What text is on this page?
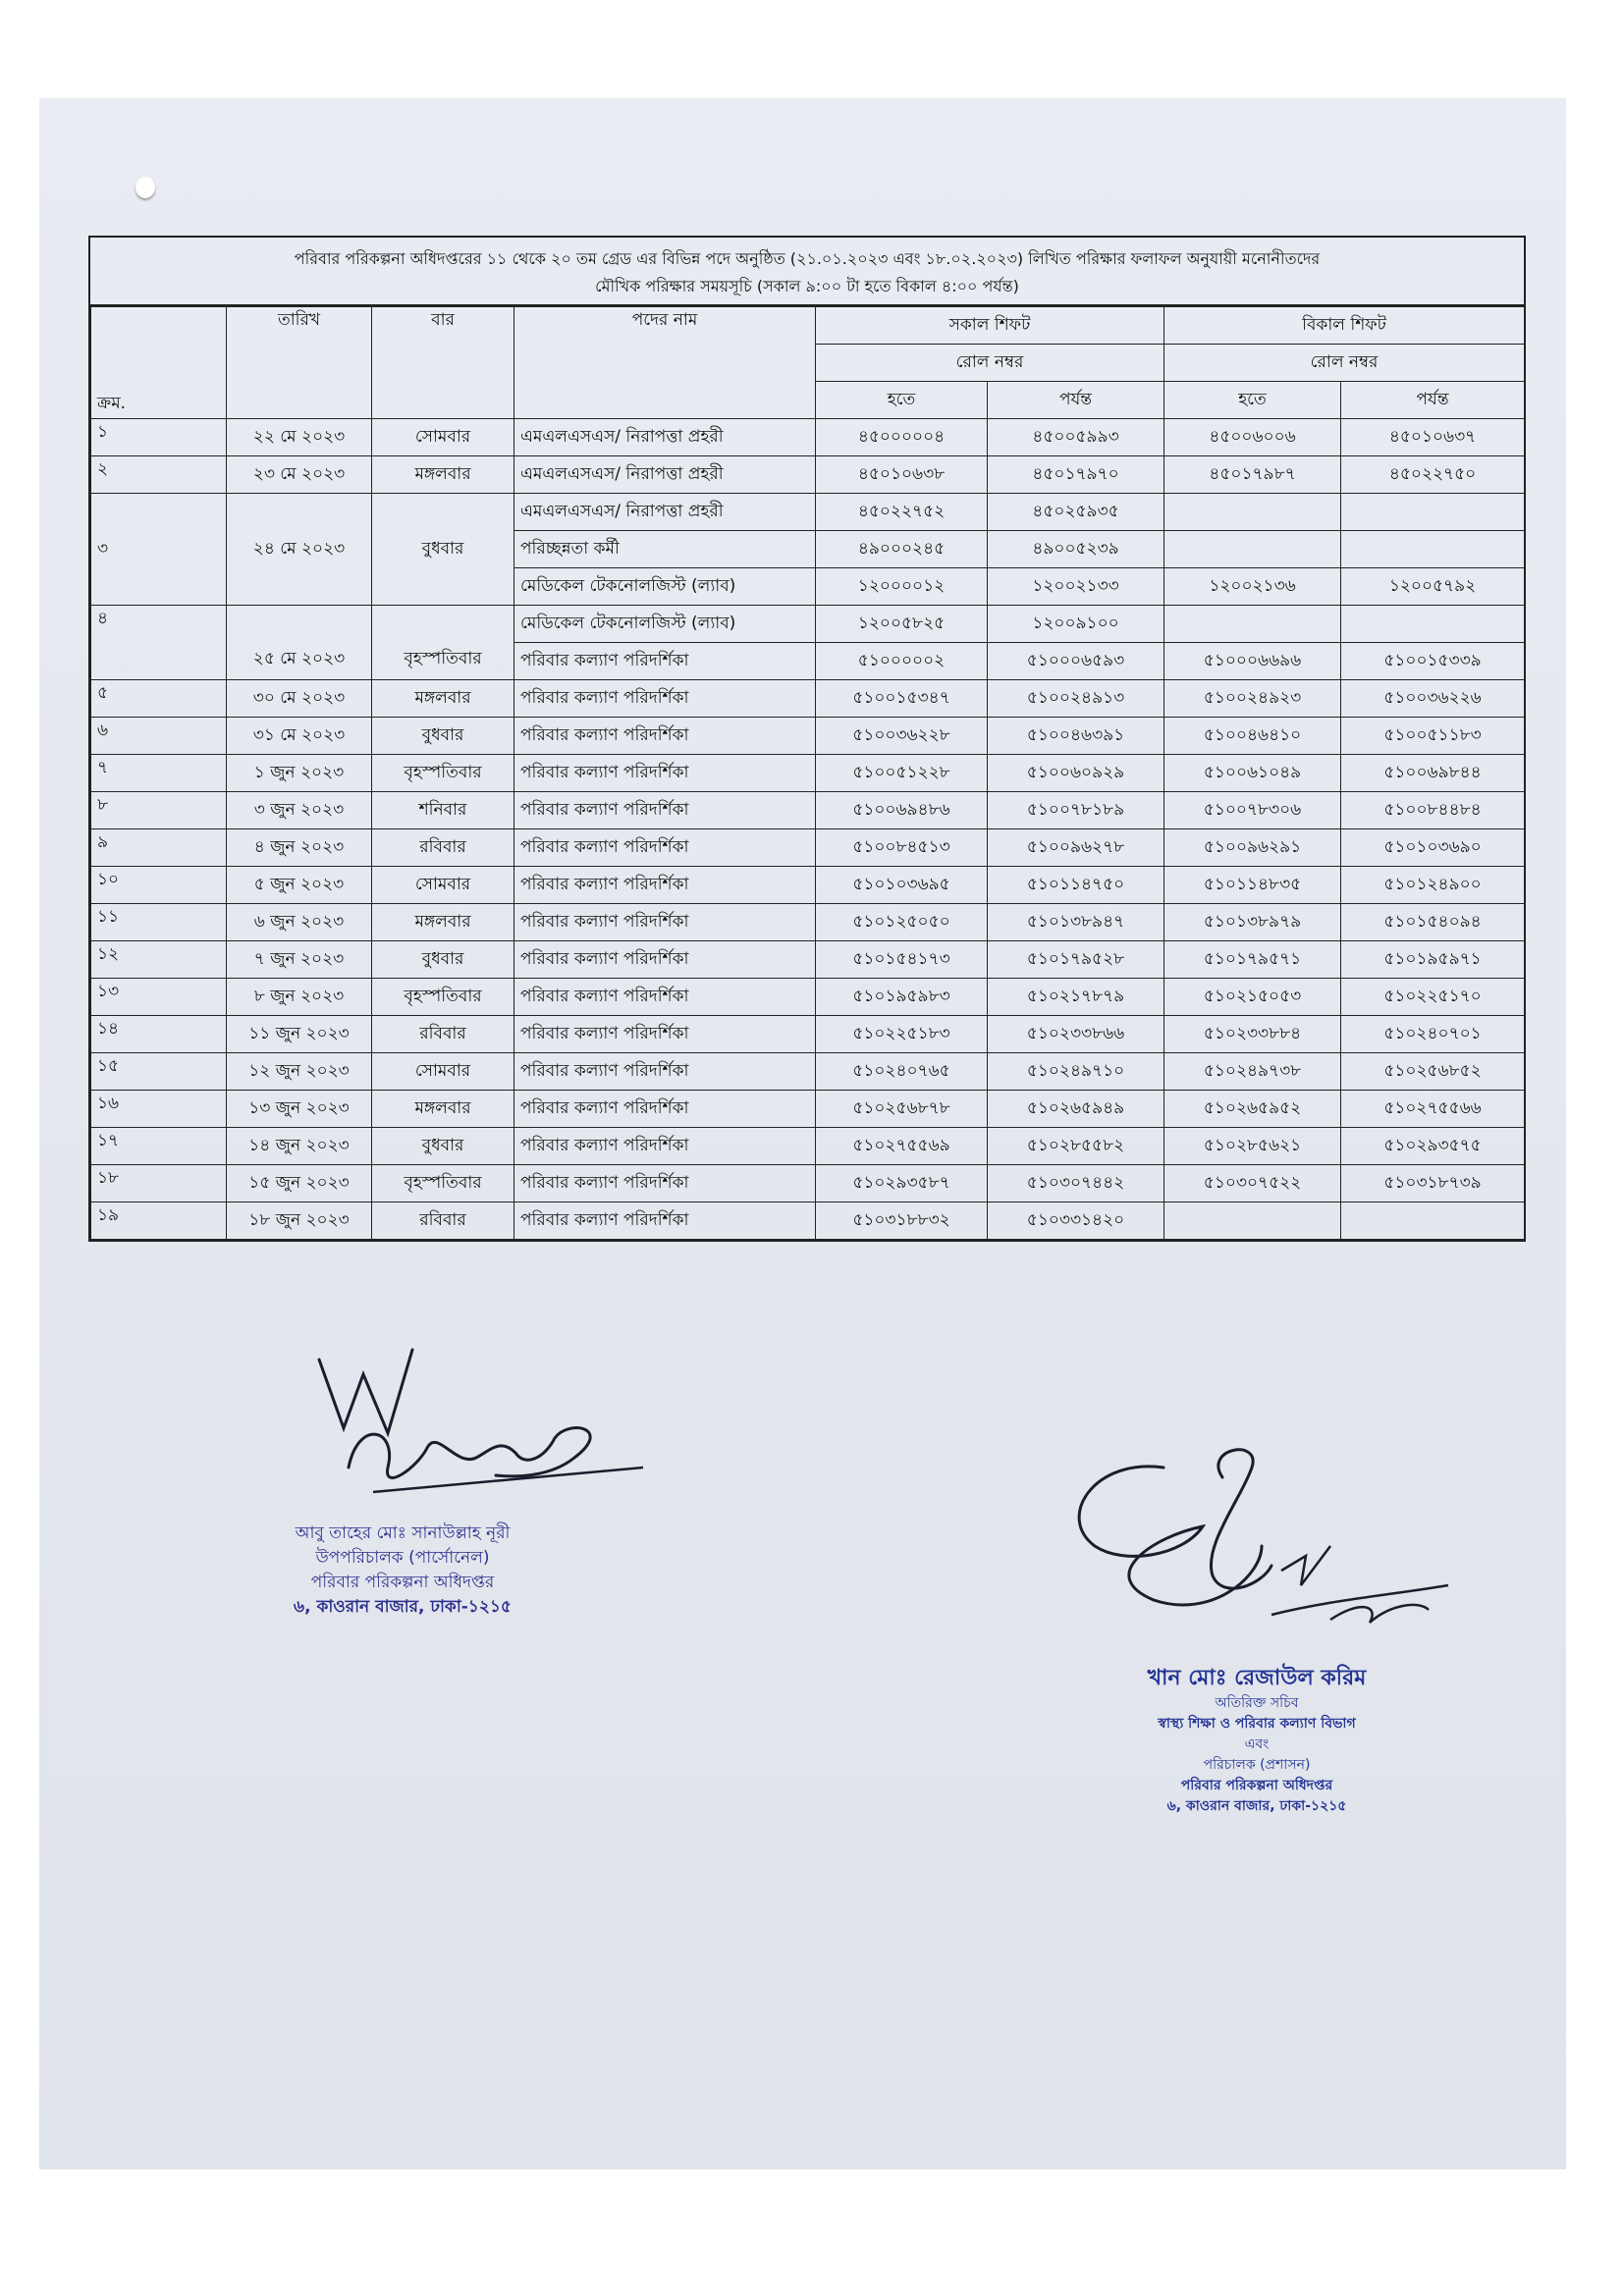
পরিবার পরিকল্পনা অধিদপ্তরের ১১ থেকে ২০ তম গ্রেড এর বিভিন্ন পদে অনুষ্ঠিত (২১.০১.২০২৩ এবং ১৮.০২.২০২৩) লিখিত পরিক্ষার ফলাফল অনুযায়ী মনোনীতদের
মৌখিক পরিক্ষার সময়সূচি (সকাল ৯:০০ টা হতে বিকাল ৪:০০ পর্যন্ত)
ক্রম.	তারিখ	বার	পদের নাম	সকাল শিফট		বিকাল শিফট	
				রোল নম্বর		রোল নম্বর	
				হতে	পর্যন্ত	হতে	পর্যন্ত
১	২২ মে ২০২৩	সোমবার	এমএলএসএস/ নিরাপত্তা প্রহরী	৪৫০০০০০৪	৪৫০০৫৯৯৩	৪৫০০৬০০৬	৪৫০১০৬৩৭
২	২৩ মে ২০২৩	মঙ্গলবার	এমএলএসএস/ নিরাপত্তা প্রহরী	৪৫০১০৬৩৮	৪৫০১৭৯৭০	৪৫০১৭৯৮৭	৪৫০২২৭৫০
৩	২৪ মে ২০২৩	বুধবার	এমএলএসএস/ নিরাপত্তা প্রহরী	৪৫০২২৭৫২	৪৫০২৫৯৩৫		
			পরিচ্ছন্নতা কর্মী	৪৯০০০২৪৫	৪৯০০৫২৩৯		
			মেডিকেল টেকনোলজিস্ট (ল্যাব)	১২০০০০১২	১২০০২১৩৩	১২০০২১৩৬	১২০০৫৭৯২
৪	২৫ মে ২০২৩	বৃহস্পতিবার	মেডিকেল টেকনোলজিস্ট (ল্যাব)	১২০০৫৮২৫	১২০০৯১০০		
			পরিবার কল্যাণ পরিদর্শিকা	৫১০০০০০২	৫১০০০৬৫৯৩	৫১০০০৬৬৯৬	৫১০০১৫৩৩৯
৫	৩০ মে ২০২৩	মঙ্গলবার	পরিবার কল্যাণ পরিদর্শিকা	৫১০০১৫৩৪৭	৫১০০২৪৯১৩	৫১০০২৪৯২৩	৫১০০৩৬২২৬
৬	৩১ মে ২০২৩	বুধবার	পরিবার কল্যাণ পরিদর্শিকা	৫১০০৩৬২২৮	৫১০০৪৬৩৯১	৫১০০৪৬৪১০	৫১০০৫১১৮৩
৭	১ জুন ২০২৩	বৃহস্পতিবার	পরিবার কল্যাণ পরিদর্শিকা	৫১০০৫১২২৮	৫১০০৬০৯২৯	৫১০০৬১০৪৯	৫১০০৬৯৮৪৪
৮	৩ জুন ২০২৩	শনিবার	পরিবার কল্যাণ পরিদর্শিকা	৫১০০৬৯৪৮৬	৫১০০৭৮১৮৯	৫১০০৭৮৩০৬	৫১০০৮৪৪৮৪
৯	৪ জুন ২০২৩	রবিবার	পরিবার কল্যাণ পরিদর্শিকা	৫১০০৮৪৫১৩	৫১০০৯৬২৭৮	৫১০০৯৬২৯১	৫১০১০৩৬৯০
১০	৫ জুন ২০২৩	সোমবার	পরিবার কল্যাণ পরিদর্শিকা	৫১০১০৩৬৯৫	৫১০১১৪৭৫০	৫১০১১৪৮৩৫	৫১০১২৪৯০০
১১	৬ জুন ২০২৩	মঙ্গলবার	পরিবার কল্যাণ পরিদর্শিকা	৫১০১২৫০৫০	৫১০১৩৮৯৪৭	৫১০১৩৮৯৭৯	৫১০১৫৪০৯৪
১২	৭ জুন ২০২৩	বুধবার	পরিবার কল্যাণ পরিদর্শিকা	৫১০১৫৪১৭৩	৫১০১৭৯৫২৮	৫১০১৭৯৫৭১	৫১০১৯৫৯৭১
১৩	৮ জুন ২০২৩	বৃহস্পতিবার	পরিবার কল্যাণ পরিদর্শিকা	৫১০১৯৫৯৮৩	৫১০২১৭৮৭৯	৫১০২১৫০৫৩	৫১০২২৫১৭০
১৪	১১ জুন ২০২৩	রবিবার	পরিবার কল্যাণ পরিদর্শিকা	৫১০২২৫১৮৩	৫১০২৩৩৮৬৬	৫১০২৩৩৮৮৪	৫১০২৪০৭০১
১৫	১২ জুন ২০২৩	সোমবার	পরিবার কল্যাণ পরিদর্শিকা	৫১০২৪০৭৬৫	৫১০২৪৯৭১০	৫১০২৪৯৭৩৮	৫১০২৫৬৮৫২
১৬	১৩ জুন ২০২৩	মঙ্গলবার	পরিবার কল্যাণ পরিদর্শিকা	৫১০২৫৬৮৭৮	৫১০২৬৫৯৪৯	৫১০২৬৫৯৫২	৫১০২৭৫৫৬৬
১৭	১৪ জুন ২০২৩	বুধবার	পরিবার কল্যাণ পরিদর্শিকা	৫১০২৭৫৫৬৯	৫১০২৮৫৫৮২	৫১০২৮৫৬২১	৫১০২৯৩৫৭৫
১৮	১৫ জুন ২০২৩	বৃহস্পতিবার	পরিবার কল্যাণ পরিদর্শিকা	৫১০২৯৩৫৮৭	৫১০৩০৭৪৪২	৫১০৩০৭৫২২	৫১০৩১৮৭৩৯
১৯	১৮ জুন ২০২৩	রবিবার	পরিবার কল্যাণ পরিদর্শিকা	৫১০৩১৮৮৩২	৫১০৩৩১৪২০		
আবু তাহের মোঃ সানাউল্লাহ নূরী
উপপরিচালক (পার্সোনেল)
পরিবার পরিকল্পনা অধিদপ্তর
৬, কাওরান বাজার, ঢাকা-১২১৫
খান মোঃ রেজাউল করিম
অতিরিক্ত সচিব
স্বাস্থ্য শিক্ষা ও পরিবার কল্যাণ বিভাগ
এবং
পরিচালক (প্রশাসন)
পরিবার পরিকল্পনা অধিদপ্তর
৬, কাওরান বাজার, ঢাকা-১২১৫
